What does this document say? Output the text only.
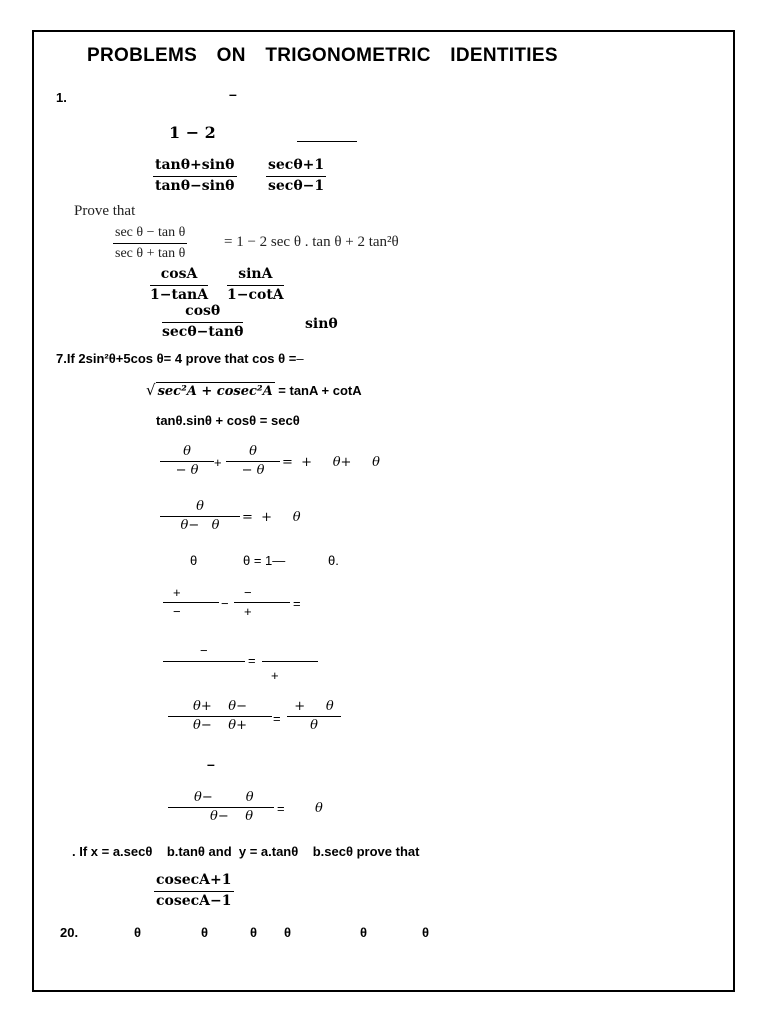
PROBLEMS ON TRIGONOMETRIC IDENTITIES
1.	–
1 − 2
$\frac{\tan\theta+\sin\theta}{\tan\theta-\sin\theta} \sec\theta+1$
secθ−1
Prove that
sec θ − tan θ
sec θ + tan θ
= 1 − 2 sec θ . tan θ + 2 tan²θ
$\frac{\cos A}{1-\tan A} \frac{\sin A}{1-\cot A}$
cosθ
secθ−tanθ	sinθ
7.If 2sin²θ+5cos θ= 4 prove that cos θ =–
√ sec²A + cosec²A = tanA + cotA
tanθ.sinθ + cosθ = secθ
$\frac{\theta}{- \theta} + \frac{\theta}{- \theta}$ =  +     θ+     θ
$\frac{\theta}{\theta- \theta}$ =  +     θ
θ	θ = 1—	θ.
+
−
−
−
+
=
−
=
+
$\frac{\theta+ \theta-}{\theta- \theta+} = \frac{+ \theta}{\theta}$
–
$\frac{\theta- \theta}{\theta- \theta} = \theta$
. If x = a.secθ    b.tanθ and  y = a.tanθ    b.secθ prove that
cosecA+1
cosecA−1
20.	θ	θ	θ θ	θ	θ
